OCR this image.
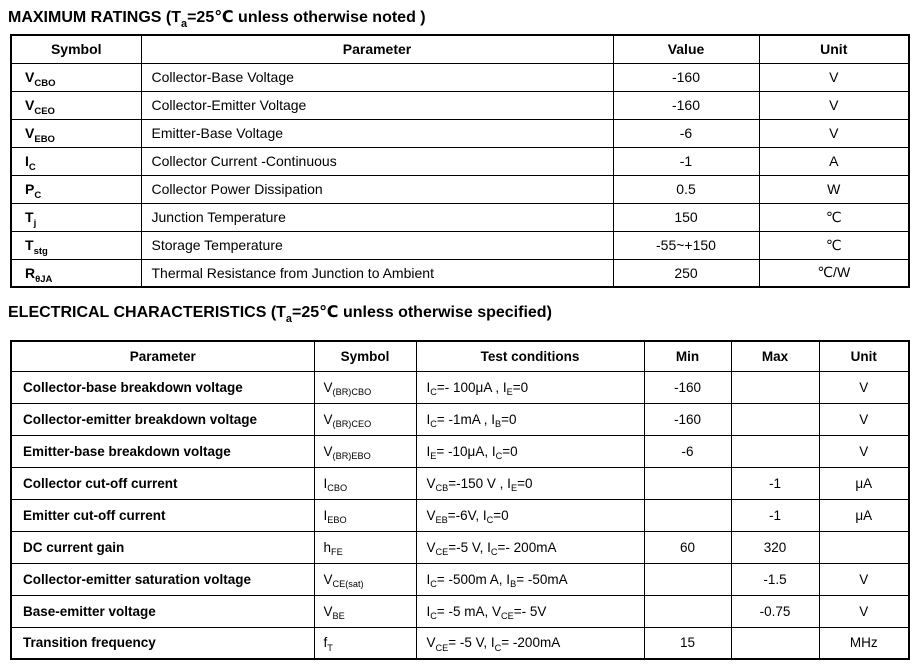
MAXIMUM RATINGS (Ta=25℃ unless otherwise noted )
Symbol	Parameter	Value	Unit
VCBO	Collector-Base Voltage	-160	V
VCEO	Collector-Emitter Voltage	-160	V
VEBO	Emitter-Base Voltage	-6	V
IC	Collector Current -Continuous	-1	A
PC	Collector Power Dissipation	0.5	W
Tj	Junction Temperature	150	℃
Tstg	Storage Temperature	-55~+150	℃
RθJA	Thermal Resistance from Junction to Ambient	250	℃/W
ELECTRICAL CHARACTERISTICS (Ta=25℃ unless otherwise specified)
Parameter	Symbol	Test conditions	Min	Max	Unit
Collector-base breakdown voltage	V(BR)CBO	IC=- 100μA , IE=0	-160		V
Collector-emitter breakdown voltage	V(BR)CEO	IC= -1mA , IB=0	-160		V
Emitter-base breakdown voltage	V(BR)EBO	IE= -10μA, IC=0	-6		V
Collector cut-off current	ICBO	VCB=-150 V , IE=0		-1	μA
Emitter cut-off current	IEBO	VEB=-6V, IC=0		-1	μA
DC current gain	hFE	VCE=-5 V, IC=- 200mA	60	320	
Collector-emitter saturation voltage	VCE(sat)	IC= -500m A, IB= -50mA		-1.5	V
Base-emitter voltage	VBE	IC= -5 mA, VCE=- 5V		-0.75	V
Transition frequency	fT	VCE= -5 V, IC= -200mA	15		MHz
